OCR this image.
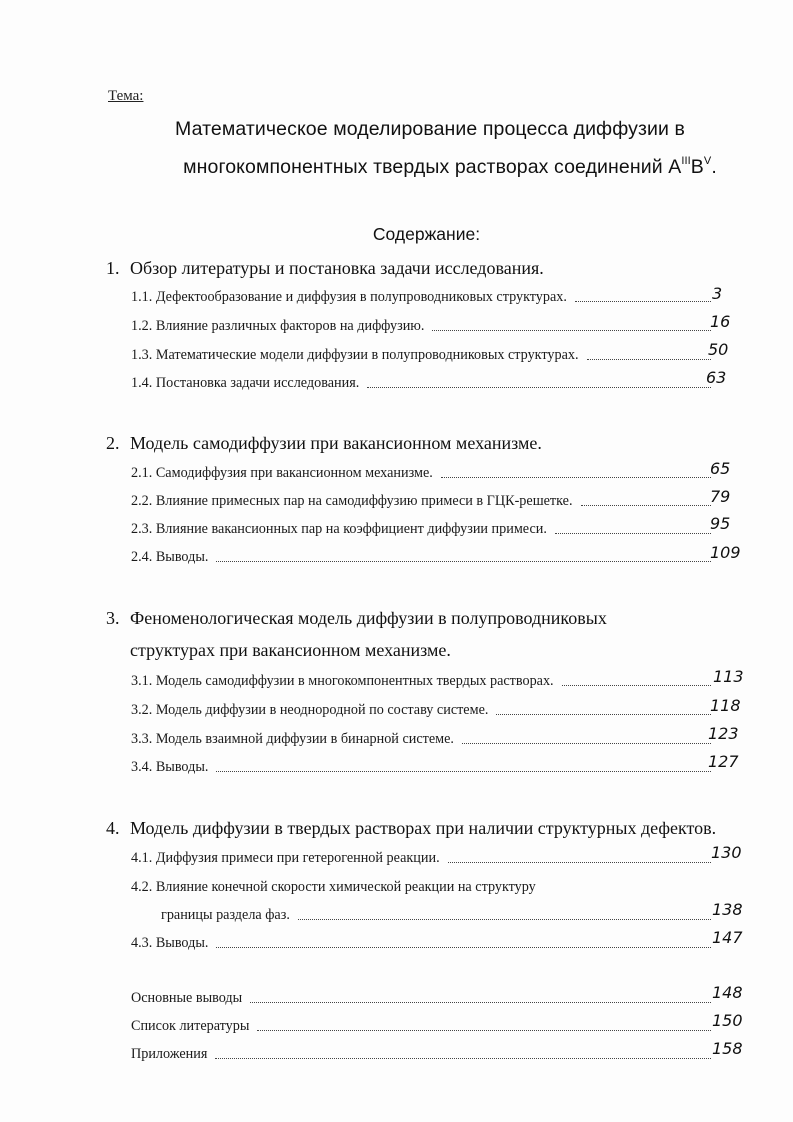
Тема:
Математическое моделирование процесса диффузии в
многокомпонентных твердых растворах соединений $A^{III}B^V$.
Содержание:
1. Обзор литературы и постановка задачи исследования.
1.1. Дефектообразование и диффузия в полупроводниковых структурах.	3
1.2. Влияние различных факторов на диффузию.	16
1.3. Математические модели диффузии в полупроводниковых структурах.	50
1.4. Постановка задачи исследования.	63
2. Модель самодиффузии при вакансионном механизме.
2.1. Самодиффузия при вакансионном механизме.	65
2.2. Влияние примесных пар на самодиффузию примеси в ГЦК-решетке.	79
2.3. Влияние вакансионных пар на коэффициент диффузии примеси.	95
2.4. Выводы.	109
3. Феноменологическая модель диффузии в полупроводниковых
структурах при вакансионном механизме.
3.1. Модель самодиффузии в многокомпонентных твердых растворах.	113
3.2. Модель диффузии в неоднородной по составу системе.	118
3.3. Модель взаимной диффузии в бинарной системе.	123
3.4. Выводы.	127
4. Модель диффузии в твердых растворах при наличии структурных дефектов.
4.1. Диффузия примеси при гетерогенной реакции.	130
4.2. Влияние конечной скорости химической реакции на структуру
границы раздела фаз.	138
4.3. Выводы.	147
Основные выводы	148
Список литературы	150
Приложения	158
